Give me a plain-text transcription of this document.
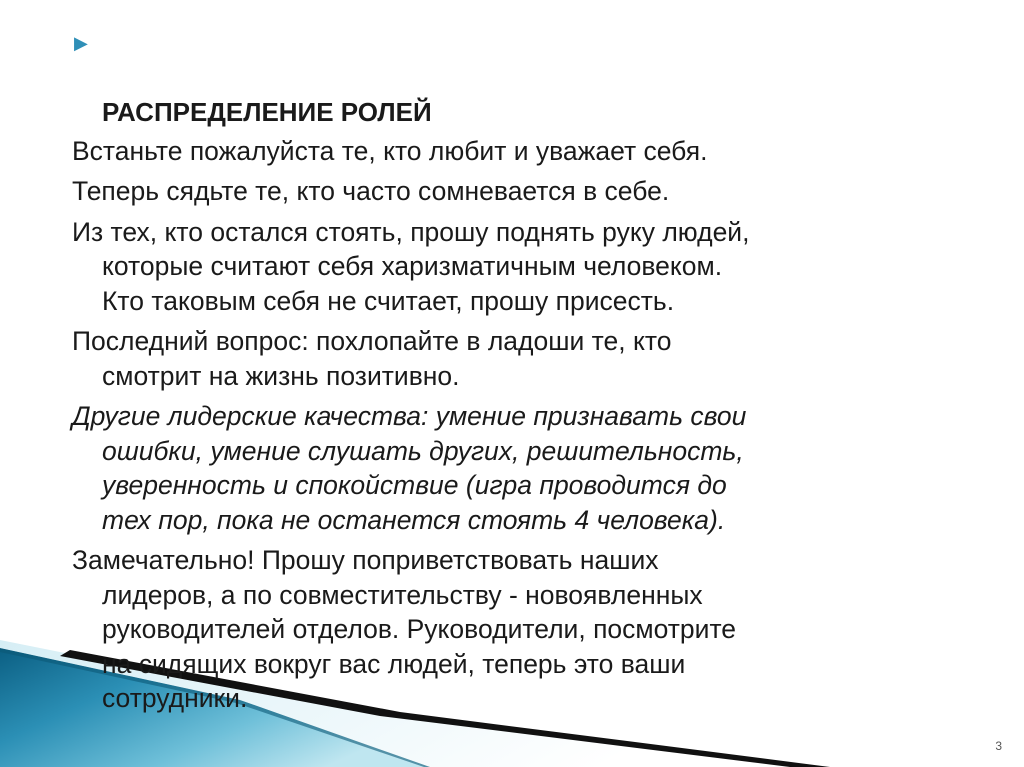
▶

РАСПРЕДЕЛЕНИЕ РОЛЕЙ

Встаньте пожалуйста те, кто любит и уважает себя.

Теперь сядьте те, кто часто сомневается в себе.

Из тех, кто остался стоять, прошу поднять руку людей,
которые считают себя харизматичным человеком.
Кто таковым себя не считает, прошу присесть.

Последний вопрос: похлопайте в ладоши те, кто
смотрит на жизнь позитивно.

Другие лидерские качества: умение признавать свои
ошибки, умение слушать других, решительность,
уверенность и спокойствие (игра проводится до
тех пор, пока не останется стоять 4 человека).

Замечательно! Прошу поприветствовать наших
лидеров, а по совместительству - новоявленных
руководителей отделов. Руководители, посмотрите
на сидящих вокруг вас людей, теперь это ваши
сотрудники.

3
